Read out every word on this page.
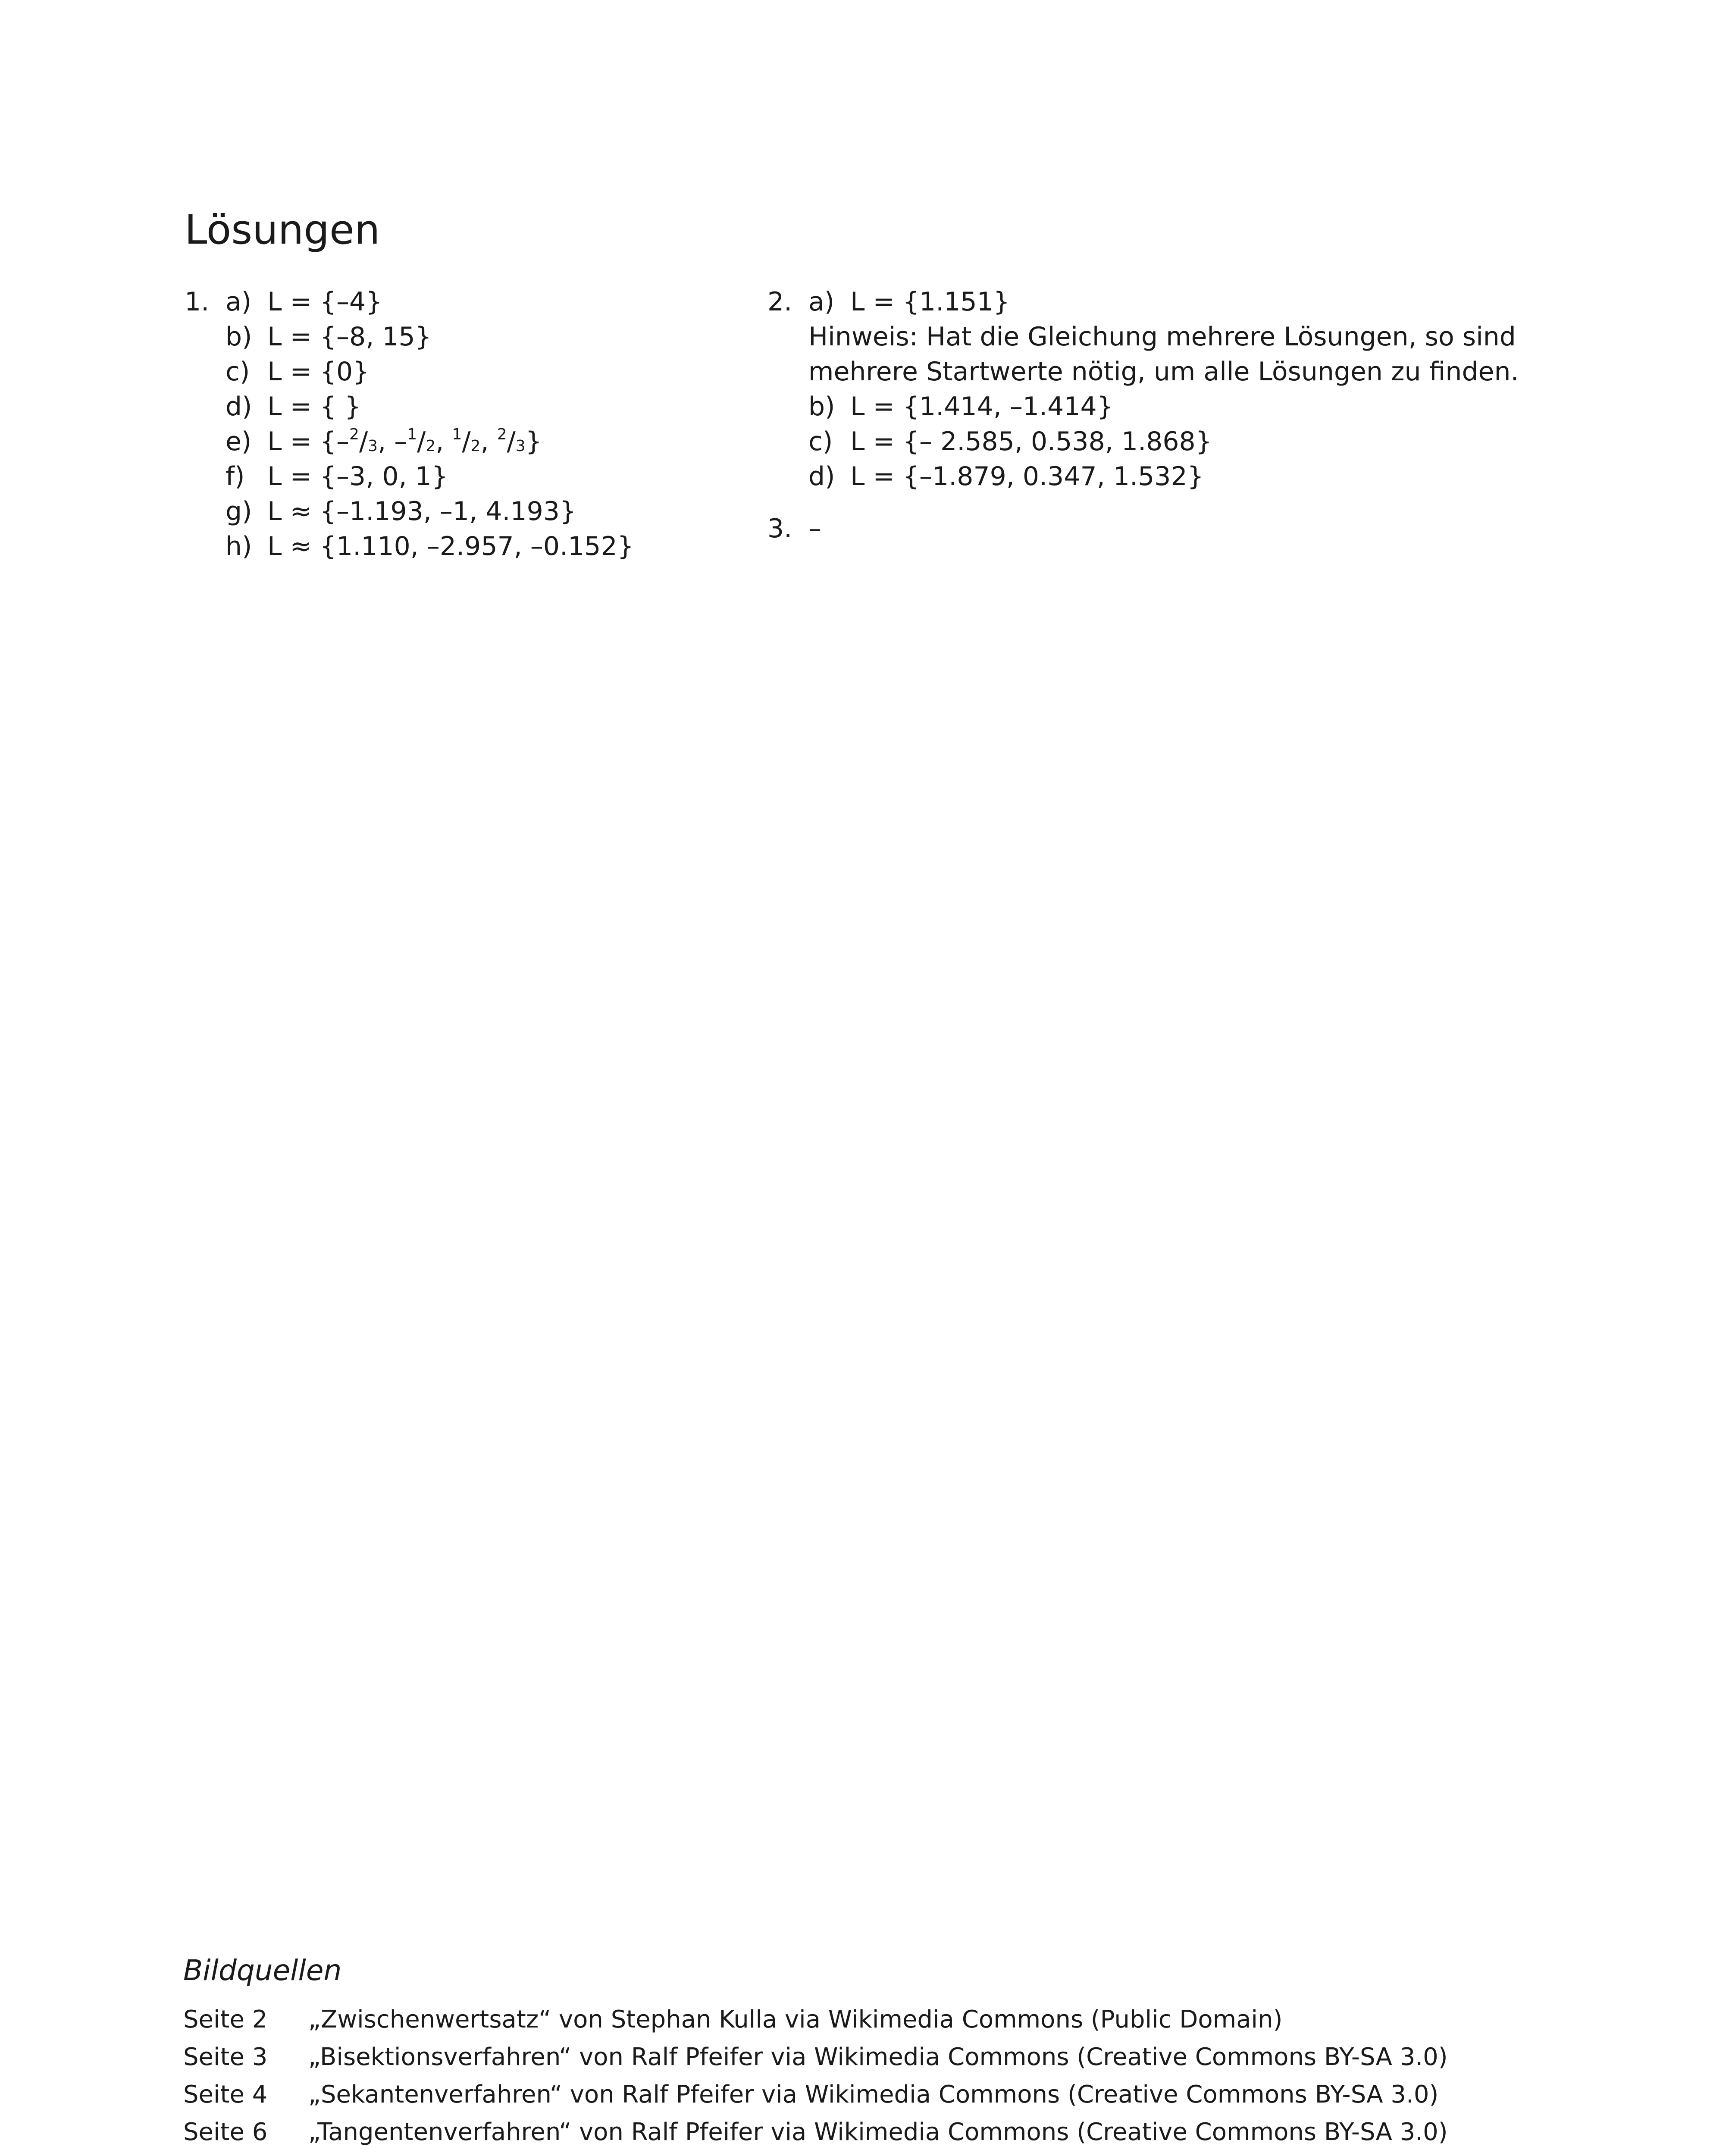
Lösungen
1. a) L = {–4}
b) L = {–8, 15}
c) L = {0}
d) L = { }
e) $L = \{-^2/_3$, $-^1/_2$, $^1/_2$, $^2/_3$}
f) L = {–3, 0, 1}
g) L ≈ {–1.193, –1, 4.193}
h) L ≈ {1.110, –2.957, –0.152}
2. a) L = {1.151}
Hinweis: Hat die Gleichung mehrere Lösungen, so sind
mehrere Startwerte nötig, um alle Lösungen zu finden.
b) L = {1.414, –1.414}
c) L = {– 2.585, 0.538, 1.868}
d) L = {–1.879, 0.347, 1.532}
3. –
Bildquellen
Seite 2 „Zwischenwertsatz“ von Stephan Kulla via Wikimedia Commons (Public Domain)
Seite 3 „Bisektionsverfahren“ von Ralf Pfeifer via Wikimedia Commons (Creative Commons BY-SA 3.0)
Seite 4 „Sekantenverfahren“ von Ralf Pfeifer via Wikimedia Commons (Creative Commons BY-SA 3.0)
Seite 6 „Tangentenverfahren“ von Ralf Pfeifer via Wikimedia Commons (Creative Commons BY-SA 3.0)
